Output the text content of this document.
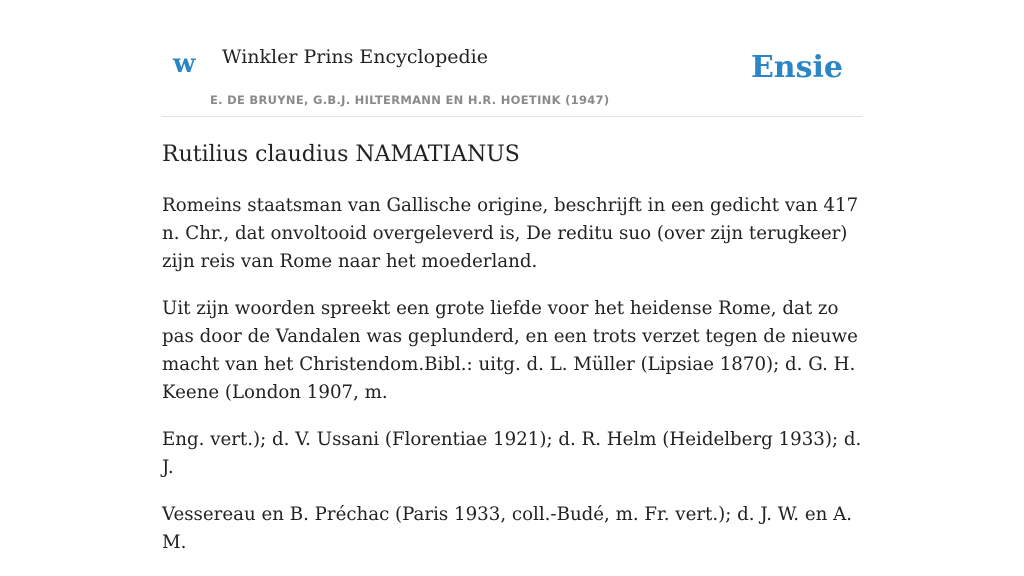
w Winkler Prins Encyclopedie
E. DE BRUYNE, G.B.J. HILTERMANN EN H.R. HOETINK (1947)
Ensie
Rutilius claudius NAMATIANUS

Romeins staatsman van Gallische origine, beschrijft in een gedicht van 417 n. Chr., dat onvoltooid overgeleverd is, De reditu suo (over zijn terugkeer) zijn reis van Rome naar het moederland.

Uit zijn woorden spreekt een grote liefde voor het heidense Rome, dat zo pas door de Vandalen was geplunderd, en een trots verzet tegen de nieuwe macht van het Christendom.Bibl.: uitg. d. L. Müller (Lipsiae 1870); d. G. H. Keene (London 1907, m.

Eng. vert.); d. V. Ussani (Florentiae 1921); d. R. Helm (Heidelberg 1933); d. J.

Vessereau en B. Préchac (Paris 1933, coll.-Budé, m. Fr. vert.); d. J. W. en A. M.
